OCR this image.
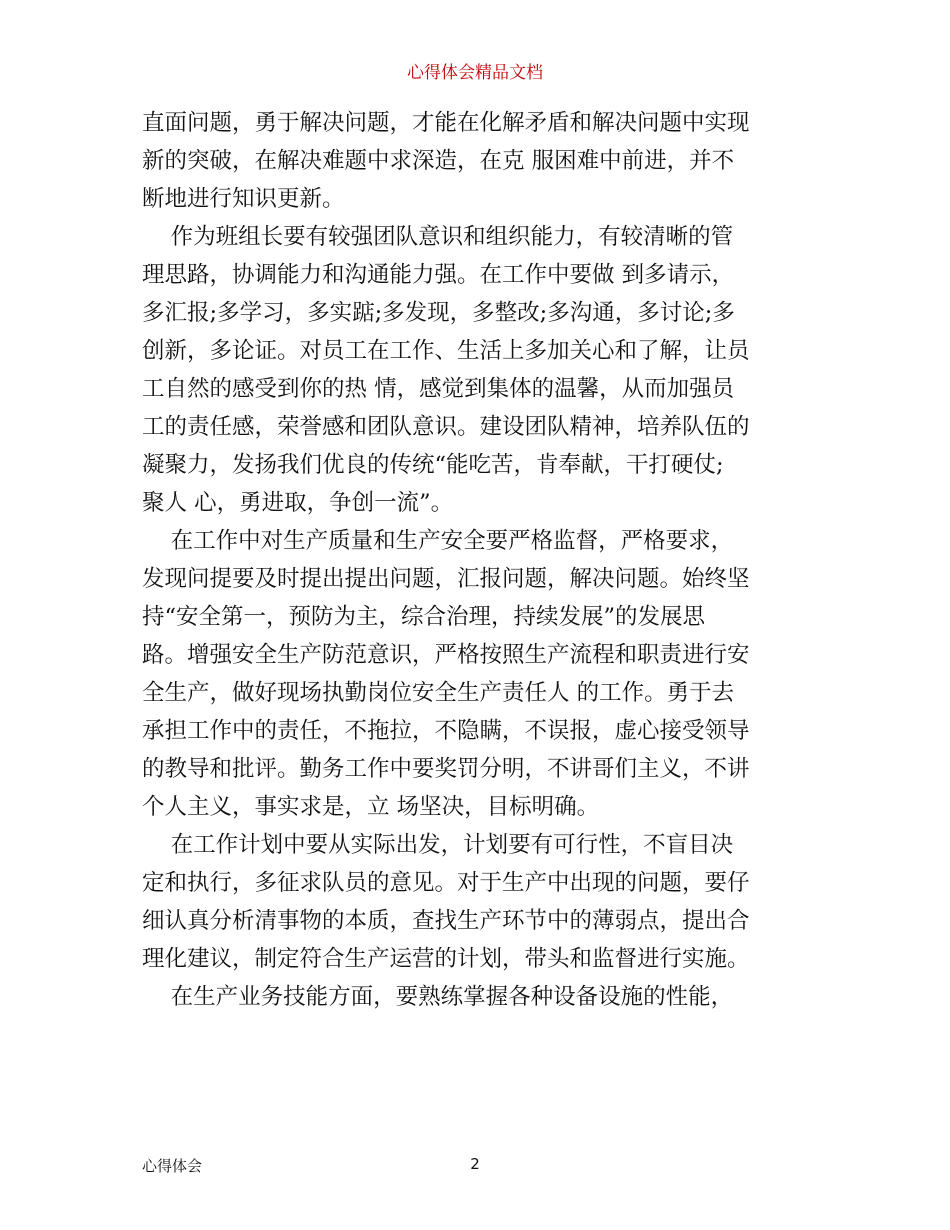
心得体会精品文档
直面问题，勇于解决问题，才能在化解矛盾和解决问题中实现
新的突破，在解决难题中求深造，在克 服困难中前进，并不
断地进行知识更新。
作为班组长要有较强团队意识和组织能力，有较清晰的管
理思路，协调能力和沟通能力强。在工作中要做 到多请示，
多汇报;多学习，多实踮;多发现，多整改;多沟通，多讨论;多
创新，多论证。对员工在工作、生活上多加关心和了解，让员
工自然的感受到你的热 情，感觉到集体的温馨，从而加强员
工的责任感，荣誉感和团队意识。建设团队精神，培养队伍的
凝聚力，发扬我们优良的传统“能吃苦，肯奉献，干打硬仗;
聚人 心，勇进取，争创一流”。
在工作中对生产质量和生产安全要严格监督，严格要求，
发现问提要及时提出提出问题，汇报问题，解决问题。始终坚
持“安全第一，预防为主，综合治理，持续发展”的发展思
路。增强安全生产防范意识，严格按照生产流程和职责进行安
全生产，做好现场执勤岗位安全生产责任人 的工作。勇于去
承担工作中的责任，不拖拉，不隐瞒，不误报，虚心接受领导
的教导和批评。勤务工作中要奖罚分明，不讲哥们主义，不讲
个人主义，事实求是，立 场坚决，目标明确。
在工作计划中要从实际出发，计划要有可行性，不盲目决
定和执行，多征求队员的意见。对于生产中出现的问题，要仔
细认真分析清事物的本质，查找生产环节中的薄弱点，提出合
理化建议，制定符合生产运营的计划，带头和监督进行实施。
在生产业务技能方面，要熟练掌握各种设备设施的性能，
心得体会	2
